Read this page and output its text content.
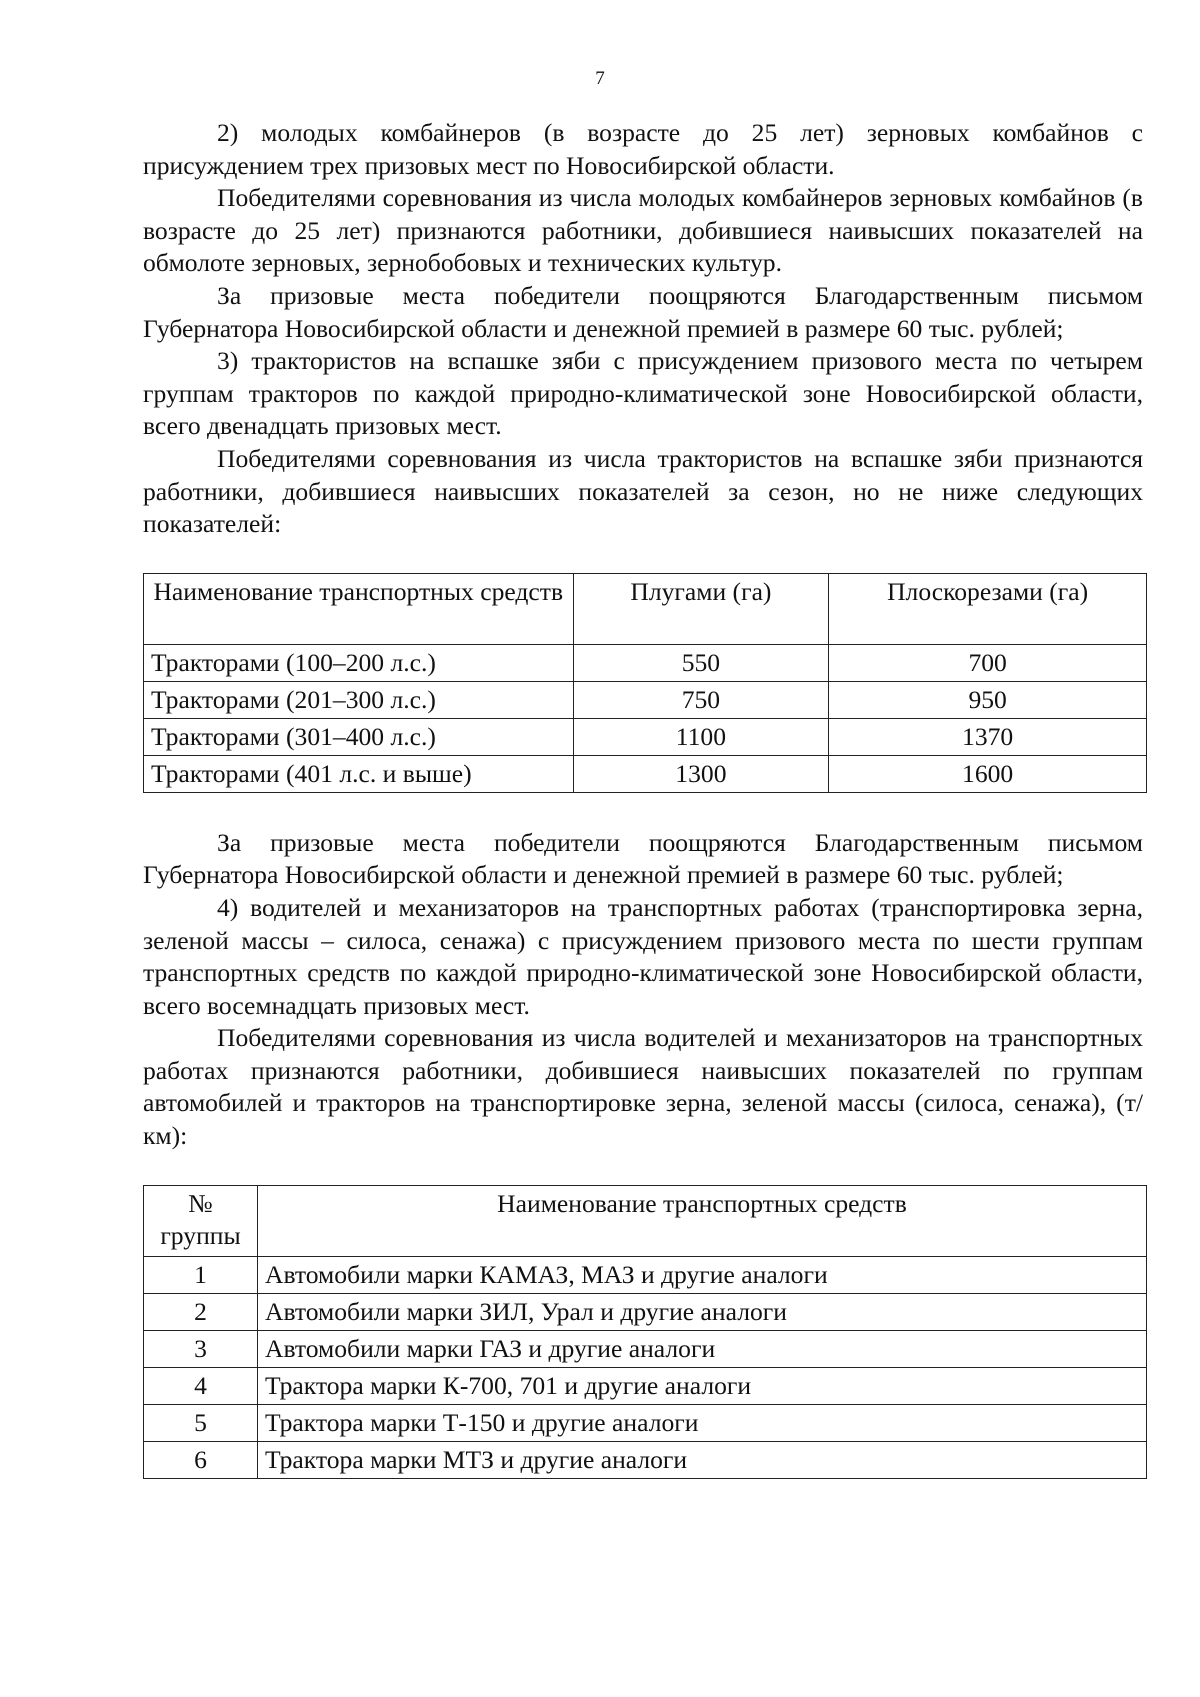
7

2) молодых комбайнеров (в возрасте до 25 лет) зерновых комбайнов с присуждением трех призовых мест по Новосибирской области.

Победителями соревнования из числа молодых комбайнеров зерновых комбайнов (в возрасте до 25 лет) признаются работники, добившиеся наивысших показателей на обмолоте зерновых, зернобобовых и технических культур.

За призовые места победители поощряются Благодарственным письмом Губернатора Новосибирской области и денежной премией в размере 60 тыс. рублей;

3) трактористов на вспашке зяби с присуждением призового места по четырем группам тракторов по каждой природно-климатической зоне Новосибирской области, всего двенадцать призовых мест.

Победителями соревнования из числа трактористов на вспашке зяби признаются работники, добившиеся наивысших показателей за сезон, но не ниже следующих показателей:

Наименование транспортных средств	Плугами (га)	Плоскорезами (га)
Тракторами (100–200 л.с.)	550	700
Тракторами (201–300 л.с.)	750	950
Тракторами (301–400 л.с.)	1100	1370
Тракторами (401 л.с. и выше)	1300	1600

За призовые места победители поощряются Благодарственным письмом Губернатора Новосибирской области и денежной премией в размере 60 тыс. рублей;

4) водителей и механизаторов на транспортных работах (транспортировка зерна, зеленой массы – силоса, сенажа) с присуждением призового места по шести группам транспортных средств по каждой природно-климатической зоне Новосибирской области, всего восемнадцать призовых мест.

Победителями соревнования из числа водителей и механизаторов на транспортных работах признаются работники, добившиеся наивысших показателей по группам автомобилей и тракторов на транспортировке зерна, зеленой массы (силоса, сенажа), (т/км):

№ группы	Наименование транспортных средств
1	Автомобили марки КАМАЗ, МАЗ и другие аналоги
2	Автомобили марки ЗИЛ, Урал и другие аналоги
3	Автомобили марки ГАЗ и другие аналоги
4	Трактора марки К-700, 701 и другие аналоги
5	Трактора марки Т-150 и другие аналоги
6	Трактора марки МТЗ и другие аналоги
